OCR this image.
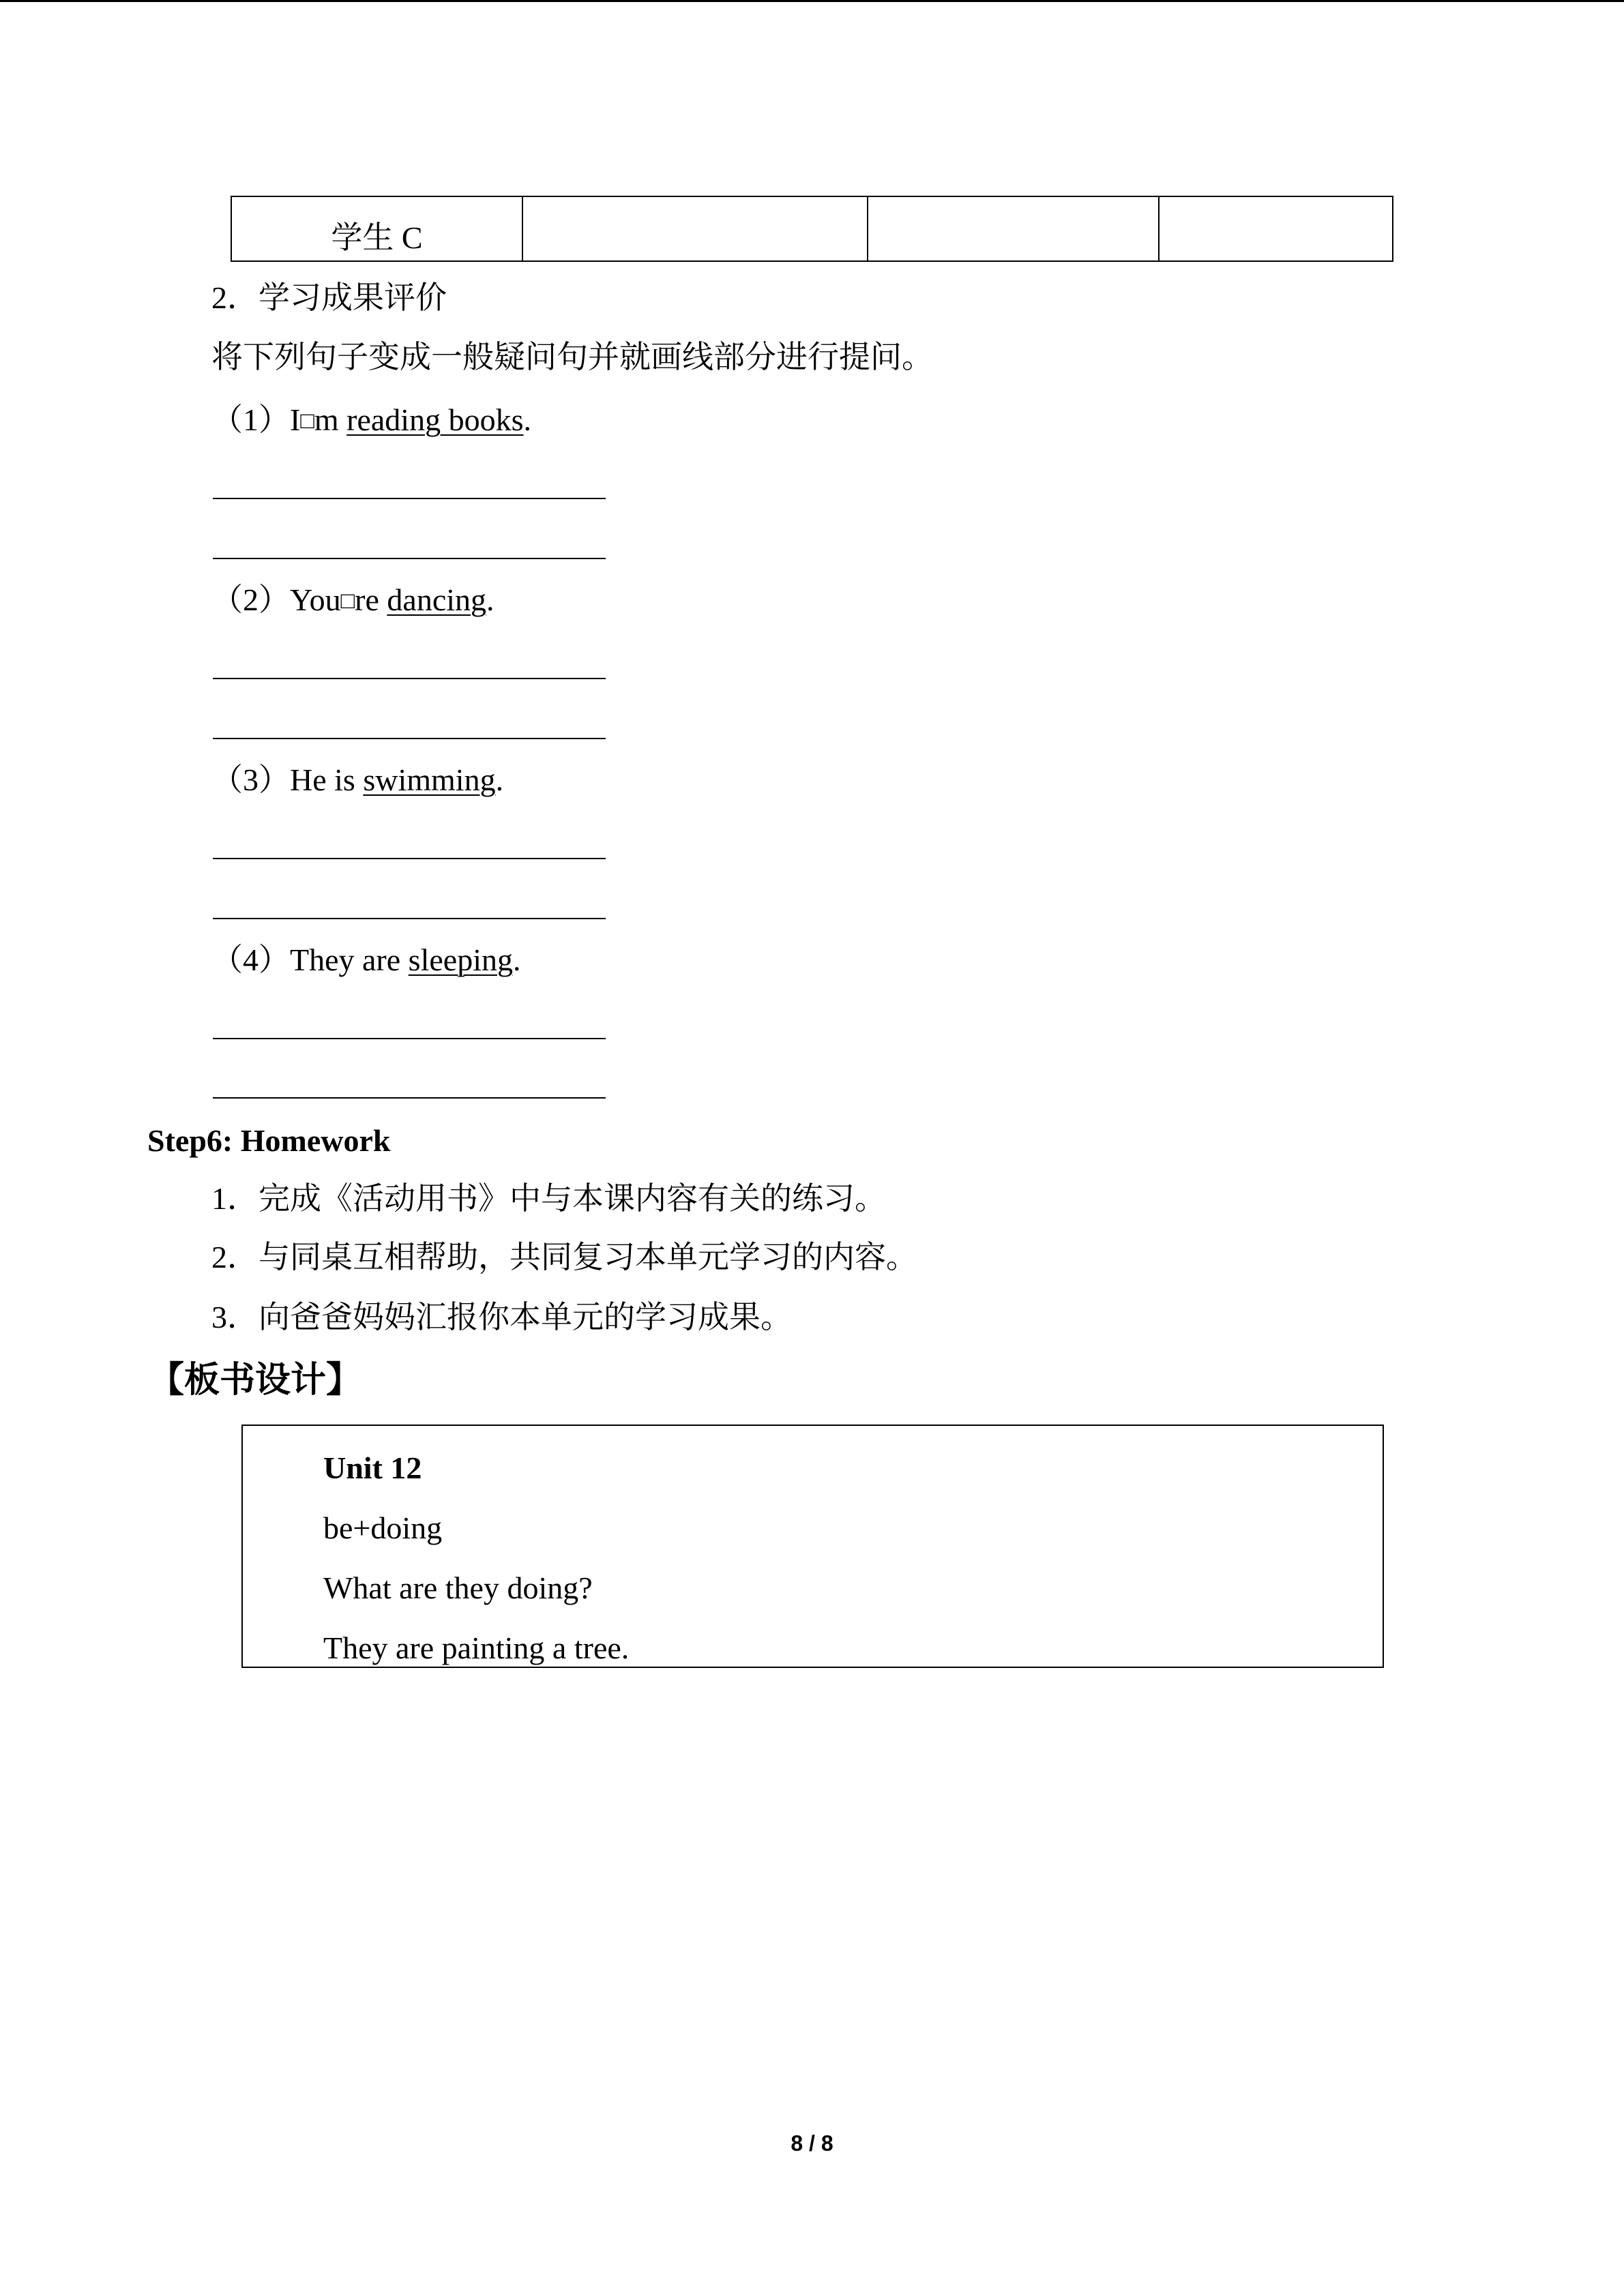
学生 C			
2．学习成果评价
将下列句子变成一般疑问句并就画线部分进行提问。
（1）I□m reading books.
（2）You□re dancing.
（3）He is swimming.
（4）They are sleeping.
Step6: Homework
1．完成《活动用书》中与本课内容有关的练习。
2．与同桌互相帮助，共同复习本单元学习的内容。
3．向爸爸妈妈汇报你本单元的学习成果。
【板书设计】
Unit 12
be+doing
What are they doing?
They are painting a tree.
8 / 8
